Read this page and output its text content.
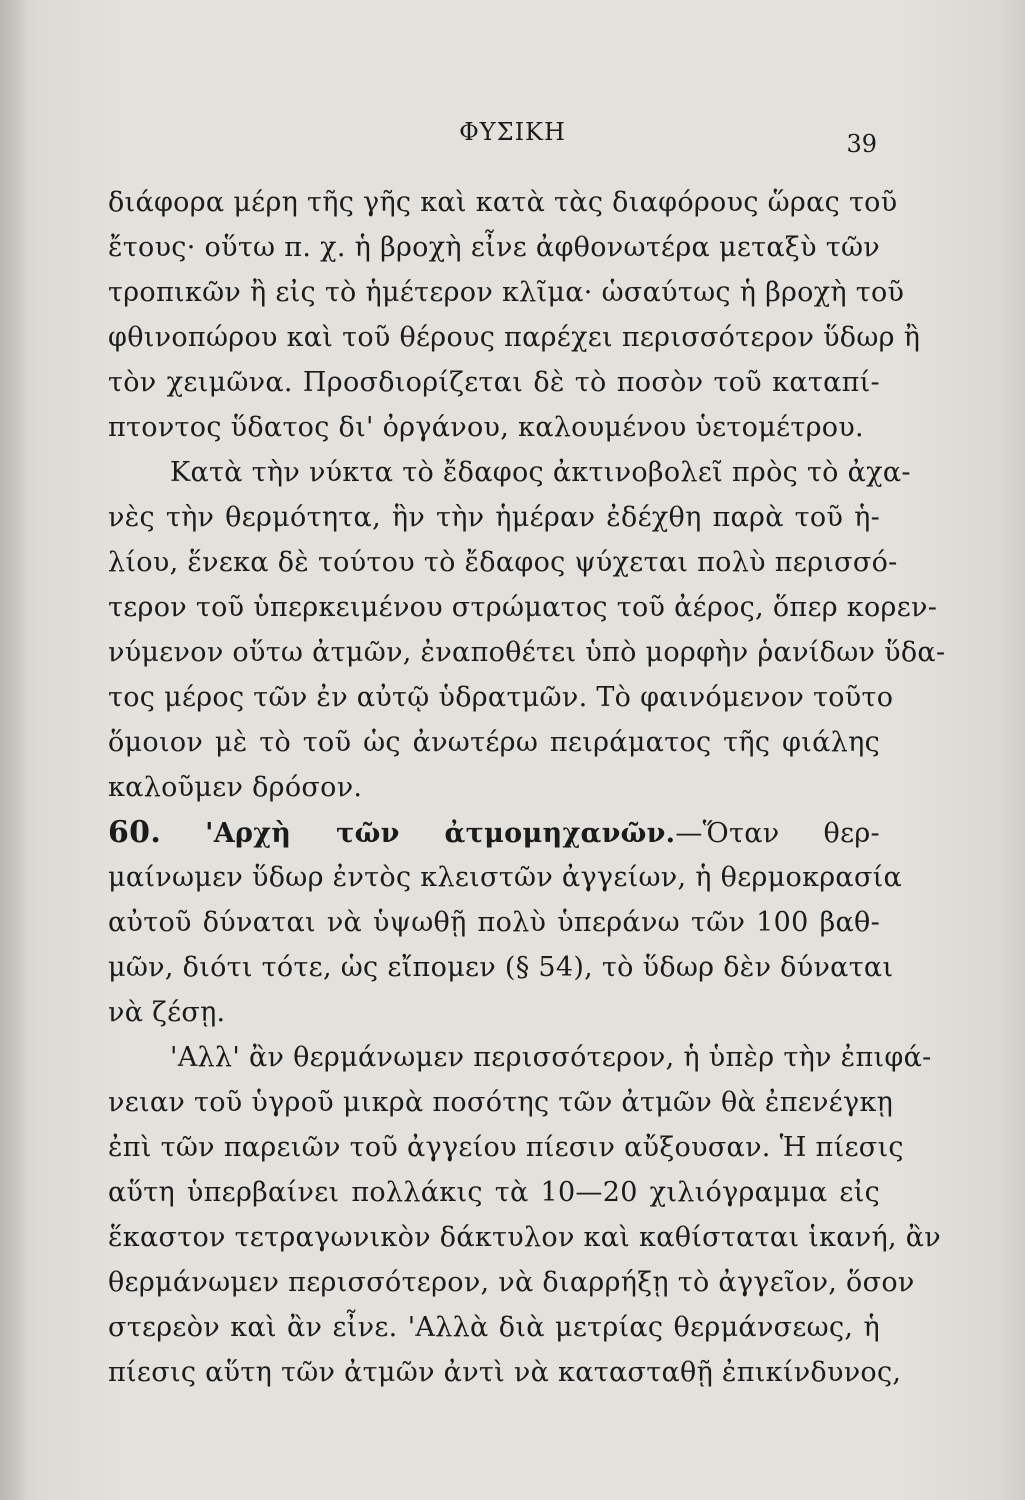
ΦΥΣΙΚΗ	39
διάφορα μέρη τῆς γῆς καὶ κατὰ τὰς διαφόρους ὥρας τοῦ
ἔτους· οὕτω π. χ. ἡ βροχὴ εἶνε ἀφθονωτέρα μεταξὺ τῶν
τροπικῶν ἢ εἰς τὸ ἡμέτερον κλῖμα· ὡσαύτως ἡ βροχὴ τοῦ
φθινοπώρου καὶ τοῦ θέρους παρέχει περισσότερον ὕδωρ ἢ
τὸν χειμῶνα. Προσδιορίζεται δὲ τὸ ποσὸν τοῦ καταπί-
πτοντος ὕδατος δι' ὀργάνου, καλουμένου ὑετομέτρου.
Κατὰ τὴν νύκτα τὸ ἔδαφος ἀκτινοβολεῖ πρὸς τὸ ἀχα-
νὲς τὴν θερμότητα, ἣν τὴν ἡμέραν ἐδέχθη παρὰ τοῦ ἡ-
λίου, ἕνεκα δὲ τούτου τὸ ἔδαφος ψύχεται πολὺ περισσό-
τερον τοῦ ὑπερκειμένου στρώματος τοῦ ἀέρος, ὅπερ κορεν-
νύμενον οὕτω ἀτμῶν, ἐναποθέτει ὑπὸ μορφὴν ῥανίδων ὕδα-
τος μέρος τῶν ἐν αὐτῷ ὑδρατμῶν. Τὸ φαινόμενον τοῦτο
ὅμοιον μὲ τὸ τοῦ ὡς ἀνωτέρω πειράματος τῆς φιάλης
καλοῦμεν δρόσον.
60. 'Αρχὴ τῶν ἀτμομηχανῶν.—Ὅταν θερ-
μαίνωμεν ὕδωρ ἐντὸς κλειστῶν ἀγγείων, ἡ θερμοκρασία
αὐτοῦ δύναται νὰ ὑψωθῇ πολὺ ὑπεράνω τῶν 100 βαθ-
μῶν, διότι τότε, ὡς εἴπομεν (§ 54), τὸ ὕδωρ δὲν δύναται
νὰ ζέσῃ.
'Αλλ' ἂν θερμάνωμεν περισσότερον, ἡ ὑπὲρ τὴν ἐπιφά-
νειαν τοῦ ὑγροῦ μικρὰ ποσότης τῶν ἀτμῶν θὰ ἐπενέγκῃ
ἐπὶ τῶν παρειῶν τοῦ ἀγγείου πίεσιν αὔξουσαν. Ἡ πίεσις
αὕτη ὑπερβαίνει πολλάκις τὰ 10—20 χιλιόγραμμα εἰς
ἕκαστον τετραγωνικὸν δάκτυλον καὶ καθίσταται ἱκανή, ἂν
θερμάνωμεν περισσότερον, νὰ διαρρήξῃ τὸ ἀγγεῖον, ὅσον
στερεὸν καὶ ἂν εἶνε. 'Αλλὰ διὰ μετρίας θερμάνσεως, ἡ
πίεσις αὕτη τῶν ἀτμῶν ἀντὶ νὰ κατασταθῇ ἐπικίνδυνος,
